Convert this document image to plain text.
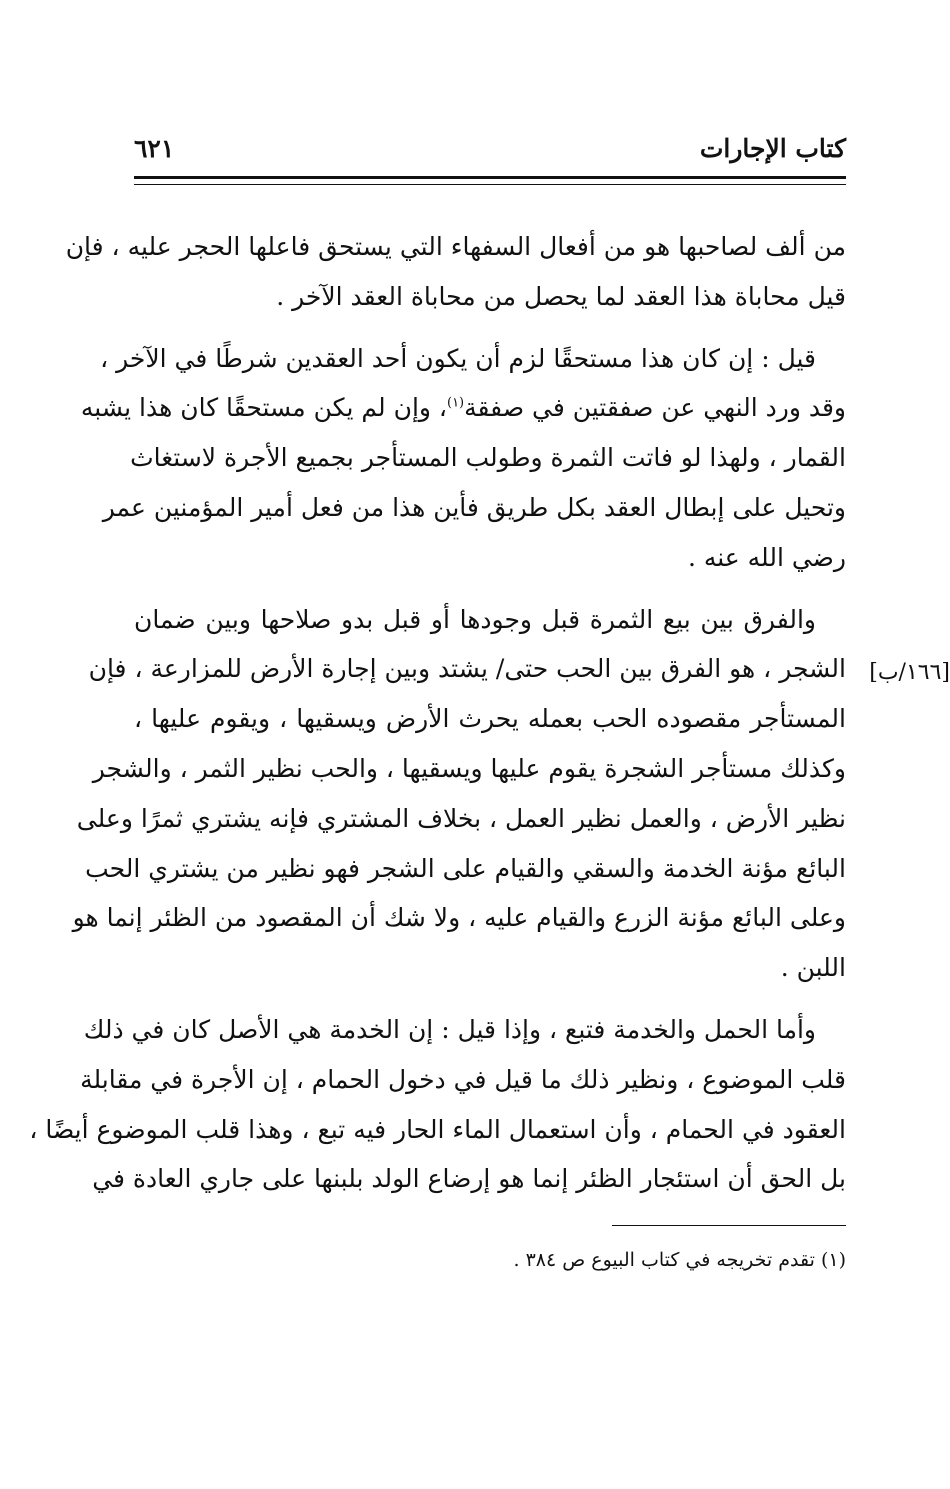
كتاب الإجارات
٦٢١
[١٦٦/ب]
من ألف لصاحبها هو من أفعال السفهاء التي يستحق فاعلها الحجر عليه ، فإن
قيل محاباة هذا العقد لما يحصل من محاباة العقد الآخر .
قيل : إن كان هذا مستحقًا لزم أن يكون أحد العقدين شرطًا في الآخر ،
وقد ورد النهي عن صفقتين في صفقة$^{(١)}$، وإن لم يكن مستحقًا كان هذا يشبه
القمار ، ولهذا لو فاتت الثمرة وطولب المستأجر بجميع الأجرة لاستغاث
وتحيل على إبطال العقد بكل طريق فأين هذا من فعل أمير المؤمنين عمر
رضي الله عنه .
والفرق بين بيع الثمرة قبل وجودها أو قبل بدو صلاحها وبين ضمان
الشجر ، هو الفرق بين الحب حتى/ يشتد وبين إجارة الأرض للمزارعة ، فإن
المستأجر مقصوده الحب بعمله يحرث الأرض ويسقيها ، ويقوم عليها ،
وكذلك مستأجر الشجرة يقوم عليها ويسقيها ، والحب نظير الثمر ، والشجر
نظير الأرض ، والعمل نظير العمل ، بخلاف المشتري فإنه يشتري ثمرًا وعلى
البائع مؤنة الخدمة والسقي والقيام على الشجر فهو نظير من يشتري الحب
وعلى البائع مؤنة الزرع والقيام عليه ، ولا شك أن المقصود من الظئر إنما هو
اللبن .
وأما الحمل والخدمة فتبع ، وإذا قيل : إن الخدمة هي الأصل كان في ذلك
قلب الموضوع ، ونظير ذلك ما قيل في دخول الحمام ، إن الأجرة في مقابلة
العقود في الحمام ، وأن استعمال الماء الحار فيه تبع ، وهذا قلب الموضوع أيضًا ،
بل الحق أن استئجار الظئر إنما هو إرضاع الولد بلبنها على جاري العادة في
(١) تقدم تخريجه في كتاب البيوع ص ٣٨٤ .
